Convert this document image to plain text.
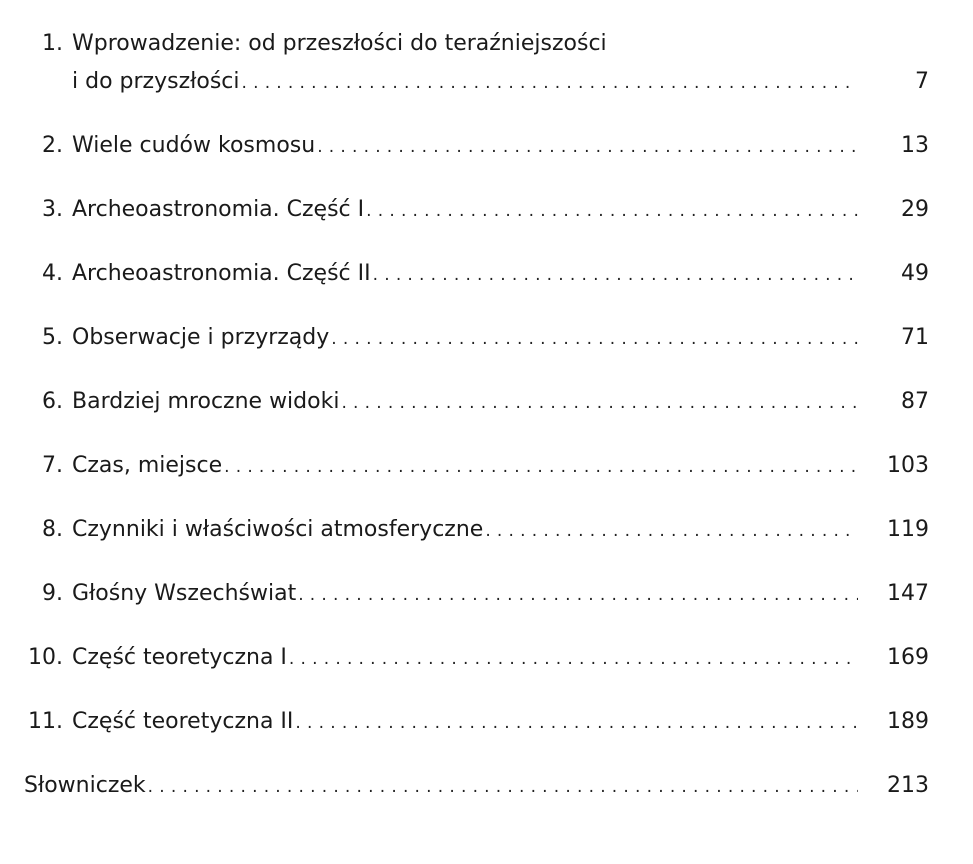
1. Wprowadzenie: od przeszłości do teraźniejszości
i do przyszłości .....	7
2. Wiele cudów kosmosu .....	13
3. Archeoastronomia. Część I .....	29
4. Archeoastronomia. Część II .....	49
5. Obserwacje i przyrządy .....	71
6. Bardziej mroczne widoki .....	87
7. Czas, miejsce .....	103
8. Czynniki i właściwości atmosferyczne .....	119
9. Głośny Wszechświat .....	147
10. Część teoretyczna I .....	169
11. Część teoretyczna II .....	189
Słowniczek .....	213
